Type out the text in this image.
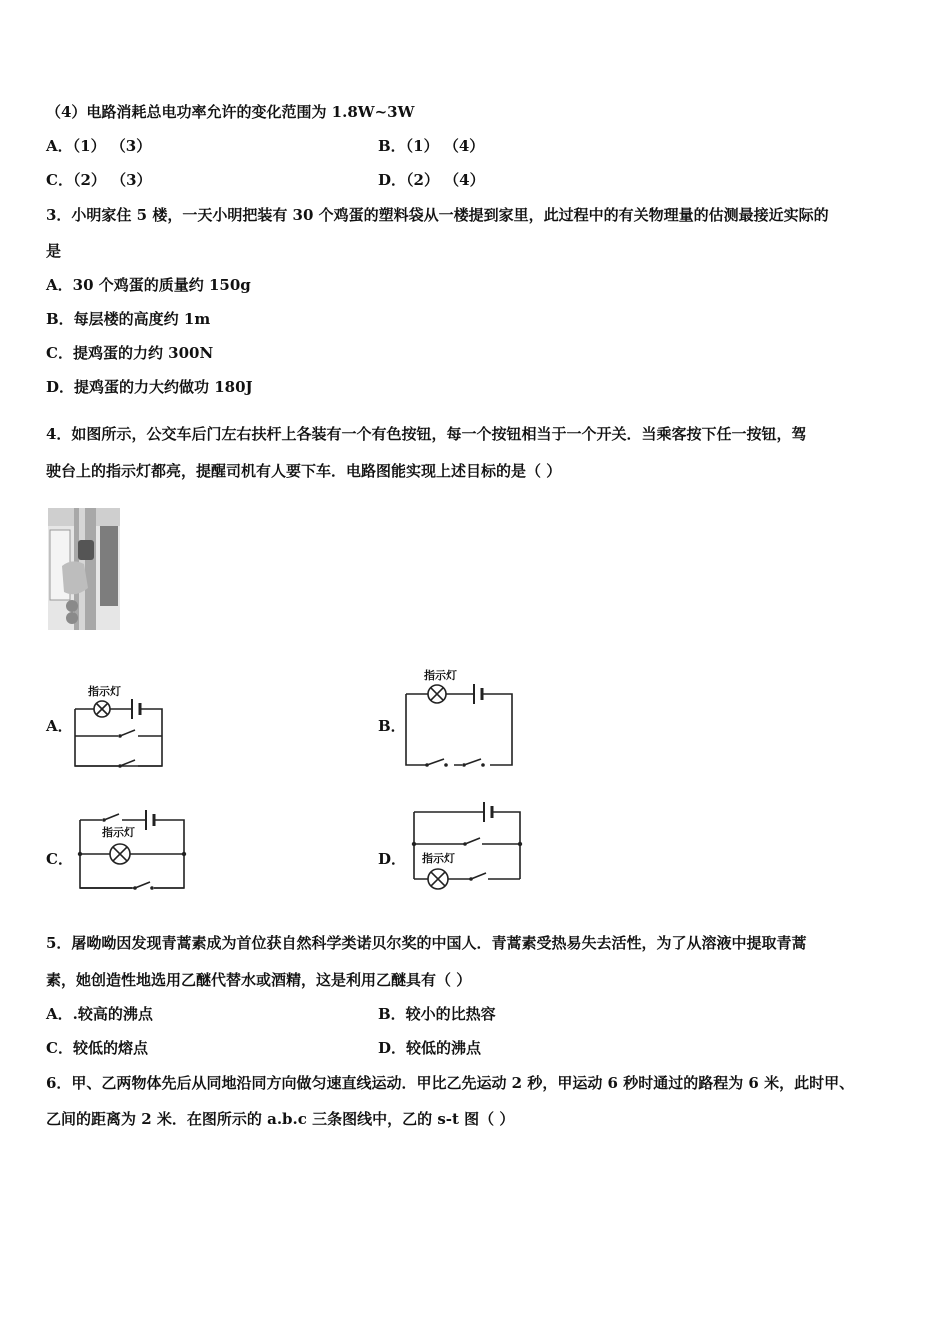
（4）电路消耗总电功率允许的变化范围为 1.8W~3W
A．（1） （3）	B．（1） （4）
C．（2） （3）	D．（2） （4）
3．小明家住 5 楼，一天小明把装有 30 个鸡蛋的塑料袋从一楼提到家里，此过程中的有关物理量的估测最接近实际的
是
A．30 个鸡蛋的质量约 150g
B．每层楼的高度约 1m
C．提鸡蛋的力约 300N
D．提鸡蛋的力大约做功 180J
4．如图所示，公交车后门左右扶杆上各装有一个有色按钮，每一个按钮相当于一个开关．当乘客按下任一按钮，驾
驶台上的指示灯都亮，提醒司机有人要下车．电路图能实现上述目标的是（ ）
A．
指示灯
B．
指示灯
C．
指示灯
D． 指示灯
5．屠呦呦因发现青蒿素成为首位获自然科学类诺贝尔奖的中国人．青蒿素受热易失去活性，为了从溶液中提取青蒿
素，她创造性地选用乙醚代替水或酒精，这是利用乙醚具有（ ）
A．.较高的沸点	B．较小的比热容
C．较低的熔点	D．较低的沸点
6．甲、乙两物体先后从同地沿同方向做匀速直线运动．甲比乙先运动 2 秒，甲运动 6 秒时通过的路程为 6 米，此时甲、
乙间的距离为 2 米．在图所示的 a.b.c 三条图线中，乙的 s-t 图（ ）
